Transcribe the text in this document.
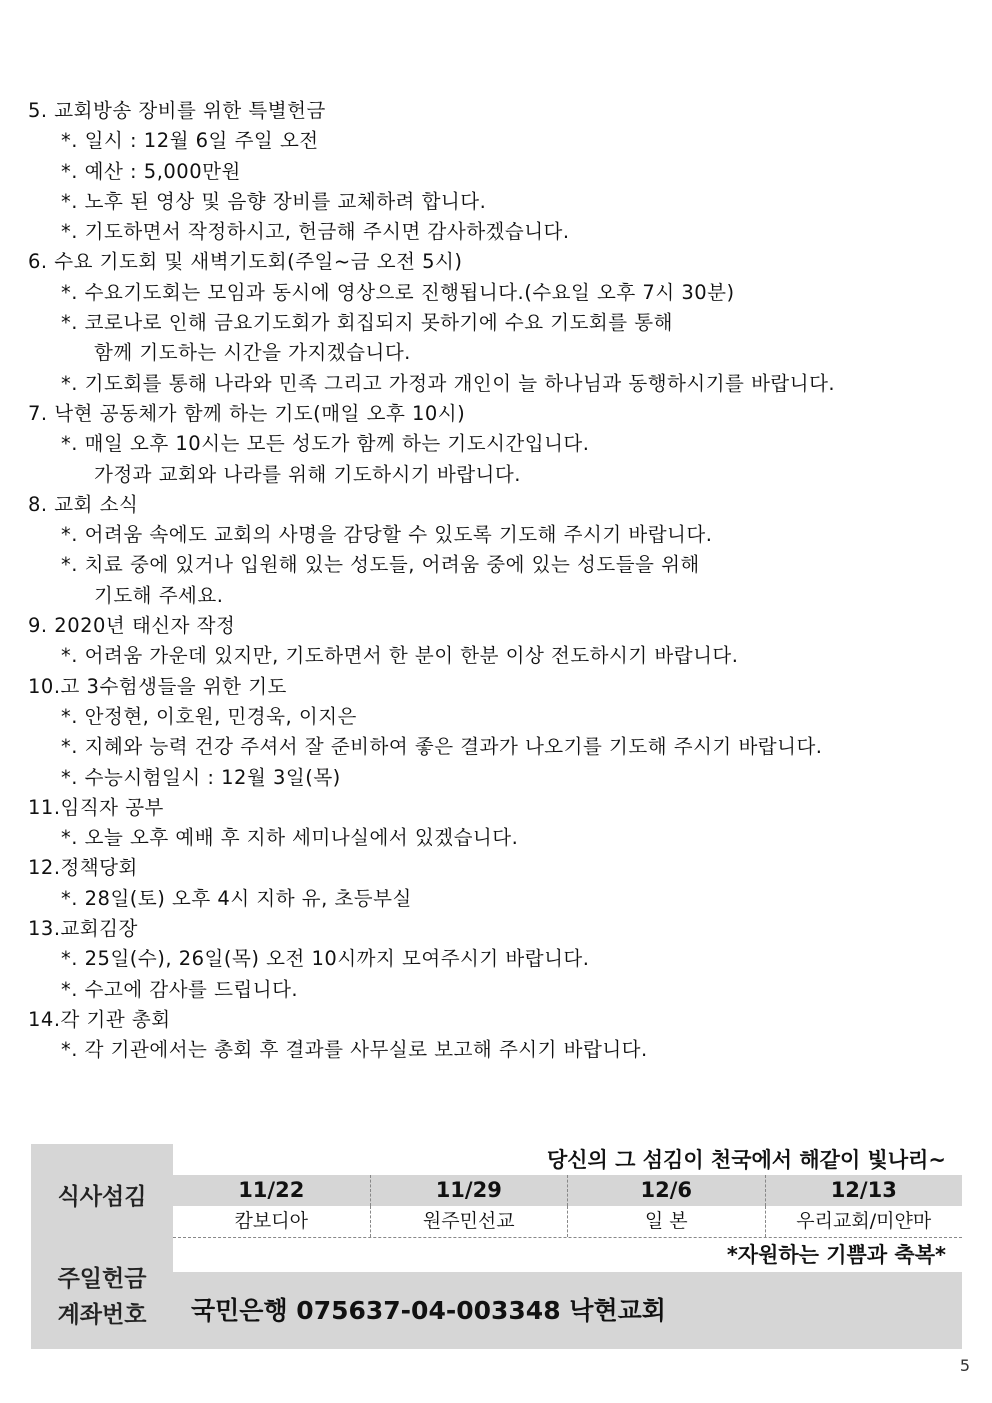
5. 교회방송 장비를 위한 특별헌금
*. 일시 : 12월 6일 주일 오전
*. 예산 : 5,000만원
*. 노후 된 영상 및 음향 장비를 교체하려 합니다.
*. 기도하면서 작정하시고, 헌금해 주시면 감사하겠습니다.
6. 수요 기도회 및 새벽기도회(주일~금 오전 5시)
*. 수요기도회는 모임과 동시에 영상으로 진행됩니다.(수요일 오후 7시 30분)
*. 코로나로 인해 금요기도회가 회집되지 못하기에 수요 기도회를 통해
함께 기도하는 시간을 가지겠습니다.
*. 기도회를 통해 나라와 민족 그리고 가정과 개인이 늘 하나님과 동행하시기를 바랍니다.
7. 낙현 공동체가 함께 하는 기도(매일 오후 10시)
*. 매일 오후 10시는 모든 성도가 함께 하는 기도시간입니다.
가정과 교회와 나라를 위해 기도하시기 바랍니다.
8. 교회 소식
*. 어려움 속에도 교회의 사명을 감당할 수 있도록 기도해 주시기 바랍니다.
*. 치료 중에 있거나 입원해 있는 성도들, 어려움 중에 있는 성도들을 위해
기도해 주세요.
9. 2020년 태신자 작정
*. 어려움 가운데 있지만, 기도하면서 한 분이 한분 이상 전도하시기 바랍니다.
10.고 3수험생들을 위한 기도
*. 안정현, 이호원, 민경욱, 이지은
*. 지혜와 능력 건강 주셔서 잘 준비하여 좋은 결과가 나오기를 기도해 주시기 바랍니다.
*. 수능시험일시 : 12월 3일(목)
11.임직자 공부
*. 오늘 오후 예배 후 지하 세미나실에서 있겠습니다.
12.정책당회
*. 28일(토) 오후 4시 지하 유, 초등부실
13.교회김장
*. 25일(수), 26일(목) 오전 10시까지 모여주시기 바랍니다.
*. 수고에 감사를 드립니다.
14.각 기관 총회
*. 각 기관에서는 총회 후 결과를 사무실로 보고해 주시기 바랍니다.
식사섬김
당신의 그 섬김이 천국에서 해같이 빛나리~
11/22	11/29	12/6	12/13
캄보디아	원주민선교	일 본	우리교회/미얀마
*자원하는 기쁨과 축복*
주일헌금
계좌번호	국민은행 075637-04-003348 낙현교회
5
